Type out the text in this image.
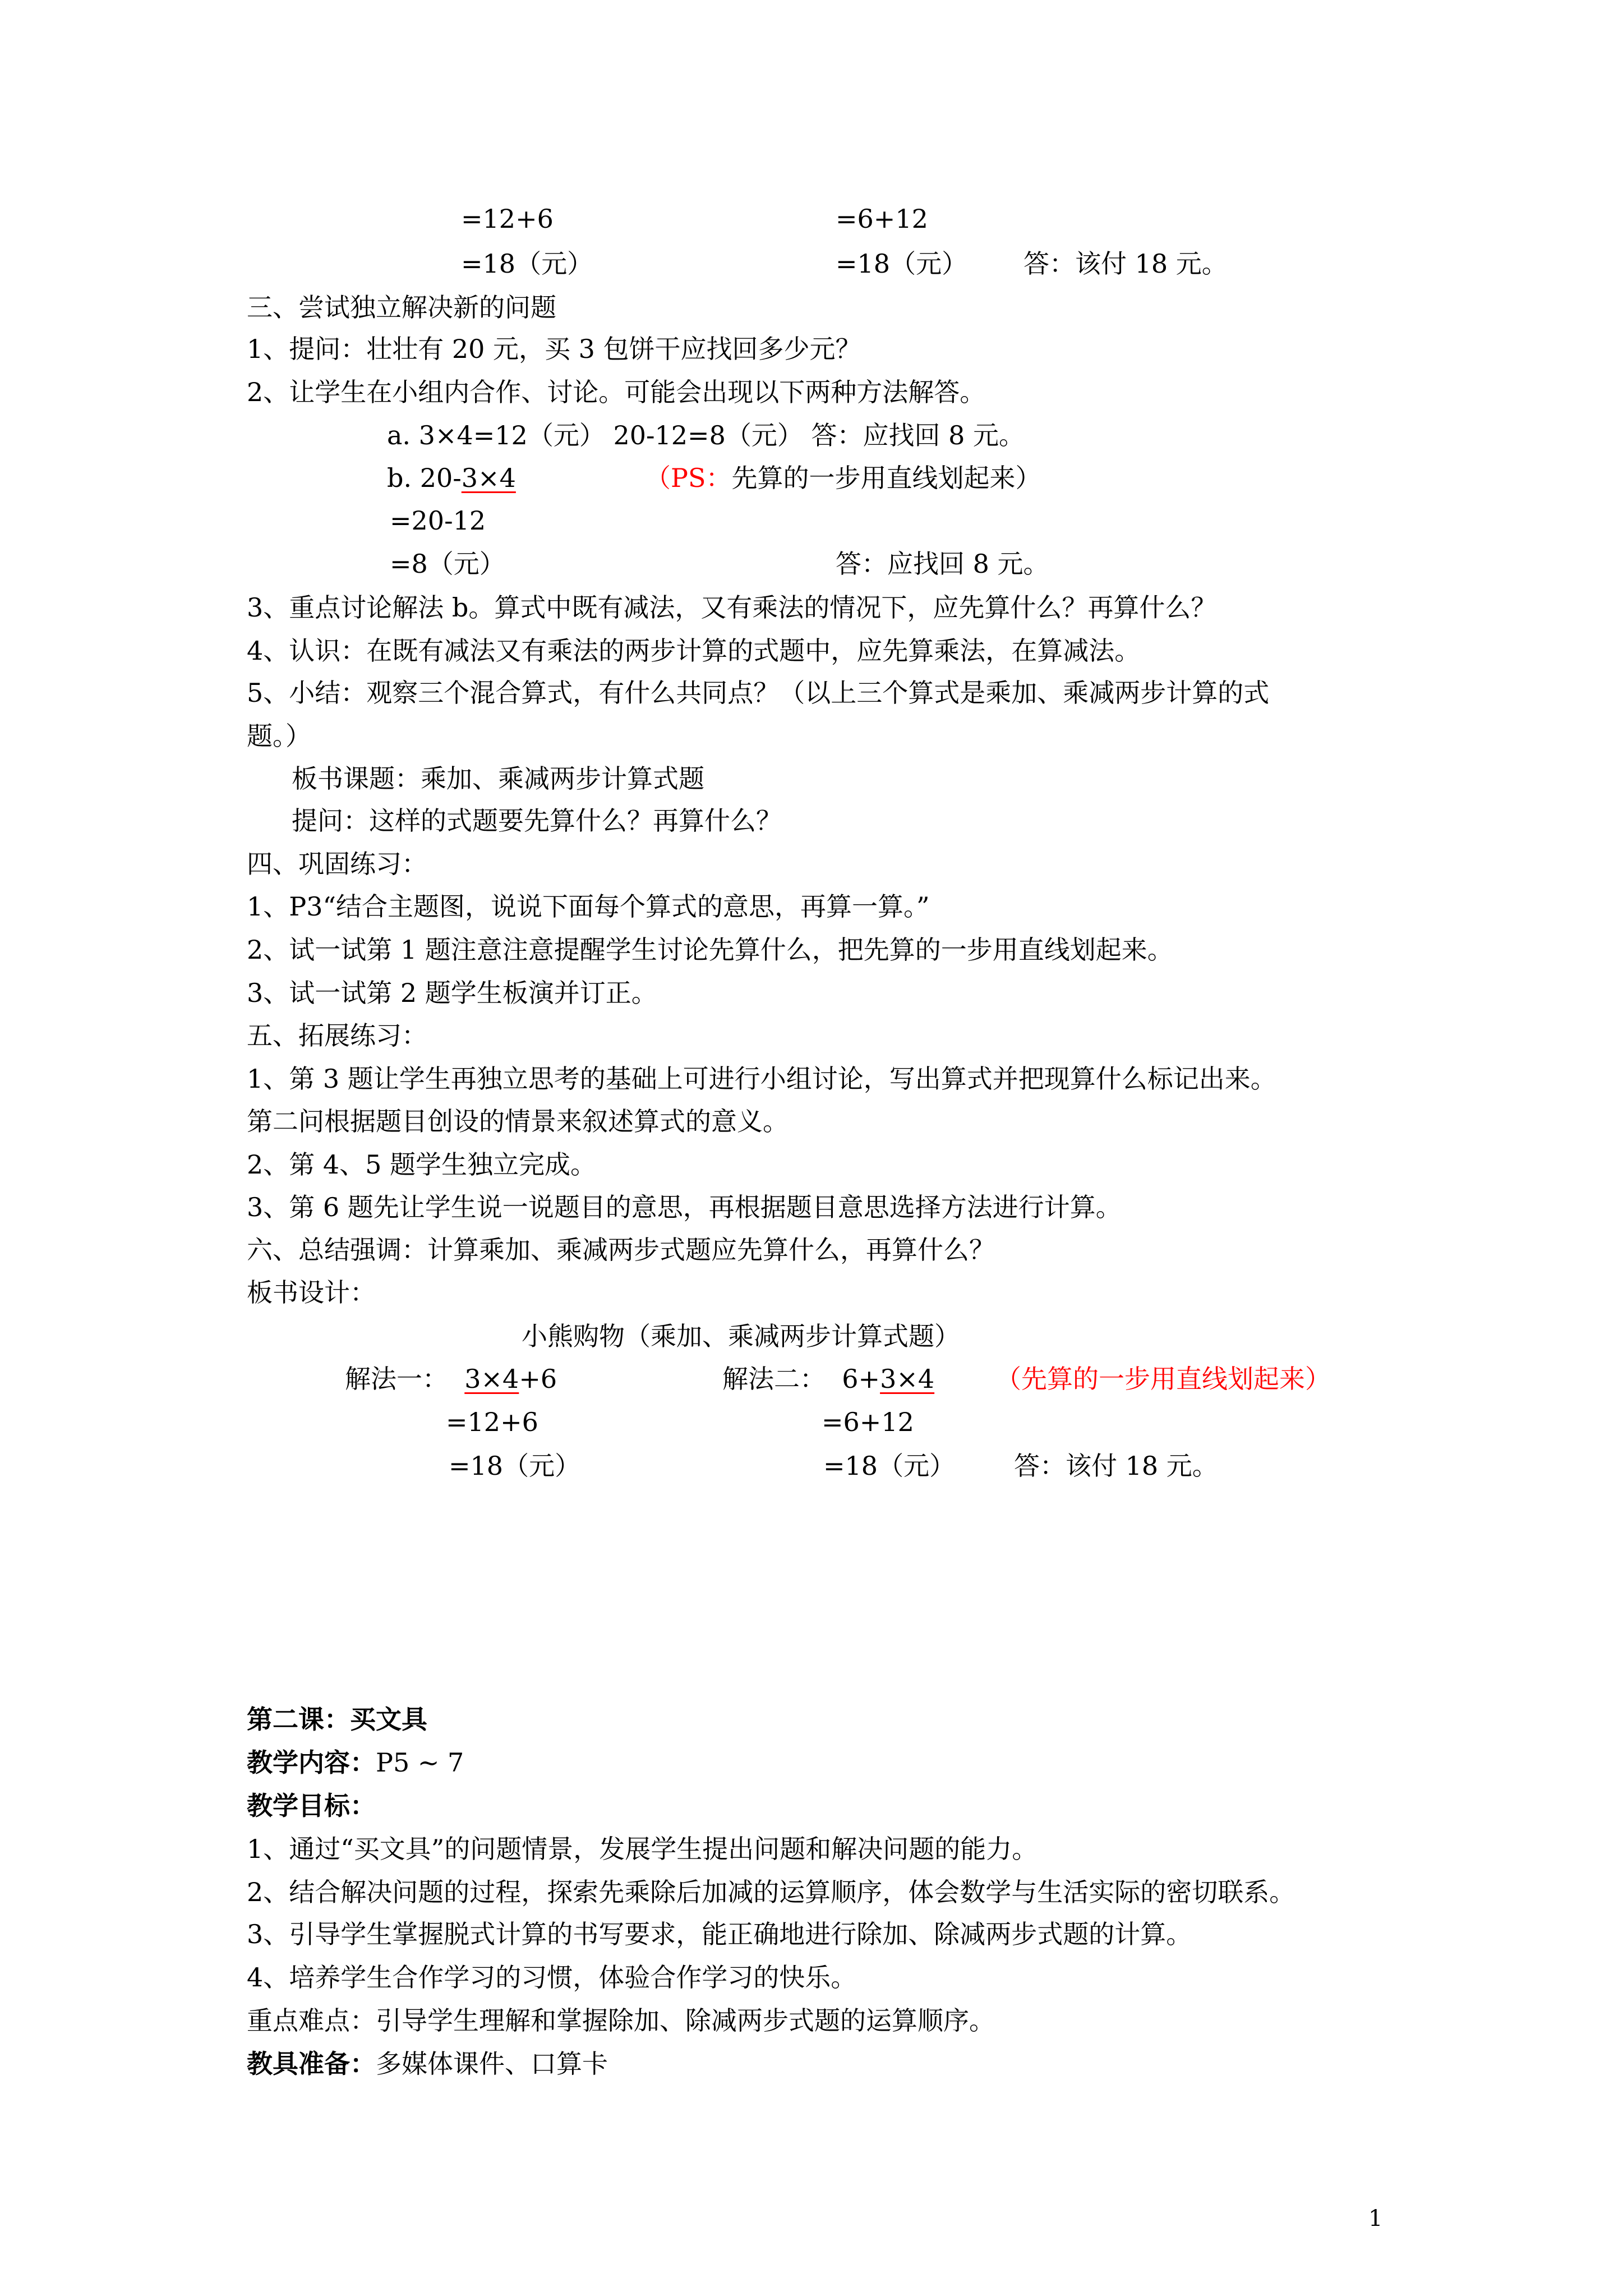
=12+6	=6+12
=18（元）	=18（元） 答：该付 18 元。
三、尝试独立解决新的问题
1、提问：壮壮有 20 元，买 3 包饼干应找回多少元？
2、让学生在小组内合作、讨论。可能会出现以下两种方法解答。
a. 3×4=12（元） 20-12=8（元） 答：应找回 8 元。
b. 20-3×4	（PS：先算的一步用直线划起来）
=20-12
=8（元）	答：应找回 8 元。
3、重点讨论解法 b。算式中既有减法，又有乘法的情况下，应先算什么？再算什么？
4、认识：在既有减法又有乘法的两步计算的式题中，应先算乘法，在算减法。
5、小结：观察三个混合算式，有什么共同点？（以上三个算式是乘加、乘减两步计算的式
题。）
板书课题：乘加、乘减两步计算式题
提问：这样的式题要先算什么？再算什么？
四、巩固练习：
1、P3“结合主题图，说说下面每个算式的意思，再算一算。”
2、试一试第 1 题注意注意提醒学生讨论先算什么，把先算的一步用直线划起来。
3、试一试第 2 题学生板演并订正。
五、拓展练习：
1、第 3 题让学生再独立思考的基础上可进行小组讨论，写出算式并把现算什么标记出来。
第二问根据题目创设的情景来叙述算式的意义。
2、第 4、5 题学生独立完成。
3、第 6 题先让学生说一说题目的意思，再根据题目意思选择方法进行计算。
六、总结强调：计算乘加、乘减两步式题应先算什么，再算什么？
板书设计：
小熊购物（乘加、乘减两步计算式题）
解法一： 3×4+6	解法二： 6+3×4 （先算的一步用直线划起来）
=12+6	=6+12
=18（元）	=18（元） 答：该付 18 元。
第二课：买文具
教学内容：P5 ~ 7
教学目标：
1、通过“买文具”的问题情景，发展学生提出问题和解决问题的能力。
2、结合解决问题的过程，探索先乘除后加减的运算顺序，体会数学与生活实际的密切联系。
3、引导学生掌握脱式计算的书写要求，能正确地进行除加、除减两步式题的计算。
4、培养学生合作学习的习惯，体验合作学习的快乐。
重点难点：引导学生理解和掌握除加、除减两步式题的运算顺序。
教具准备：多媒体课件、口算卡
1
